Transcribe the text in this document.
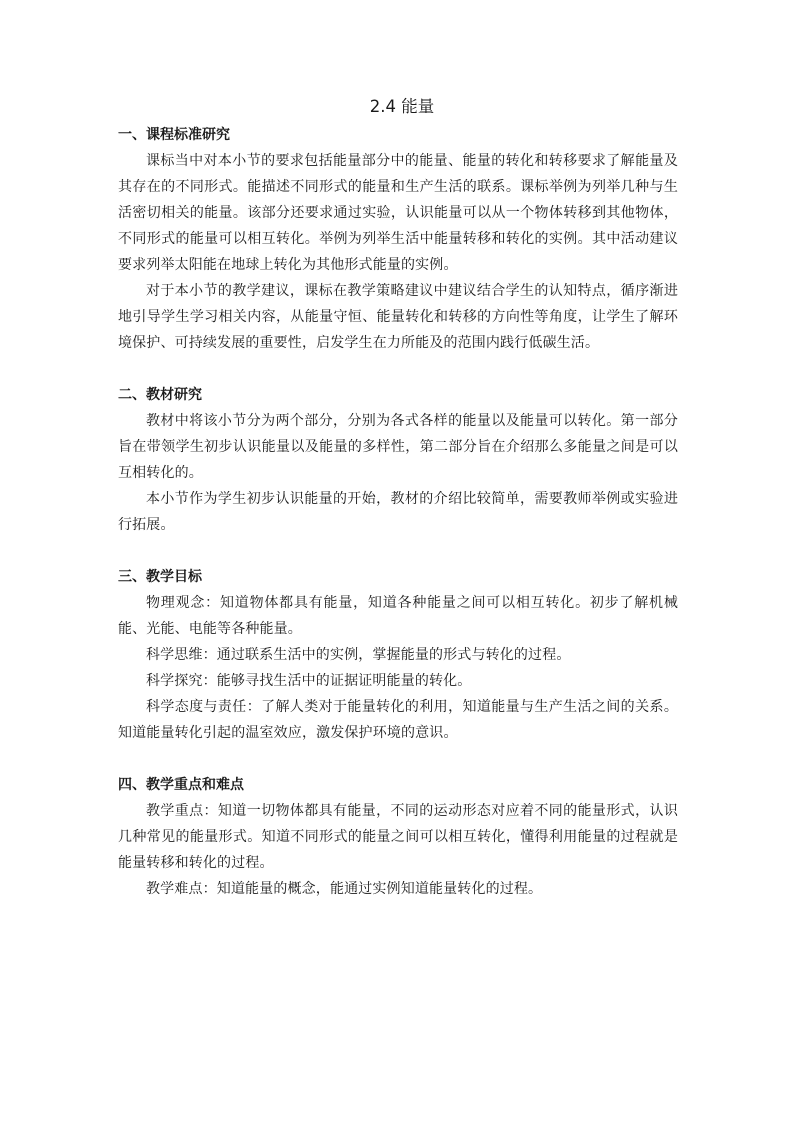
2.4 能量
一、课程标准研究

课标当中对本小节的要求包括能量部分中的能量、能量的转化和转移要求了解能量及其存在的不同形式。能描述不同形式的能量和生产生活的联系。课标举例为列举几种与生活密切相关的能量。该部分还要求通过实验，认识能量可以从一个物体转移到其他物体，不同形式的能量可以相互转化。举例为列举生活中能量转移和转化的实例。其中活动建议要求列举太阳能在地球上转化为其他形式能量的实例。

对于本小节的教学建议，课标在教学策略建议中建议结合学生的认知特点，循序渐进地引导学生学习相关内容，从能量守恒、能量转化和转移的方向性等角度，让学生了解环境保护、可持续发展的重要性，启发学生在力所能及的范围内践行低碳生活。

二、教材研究

教材中将该小节分为两个部分，分别为各式各样的能量以及能量可以转化。第一部分旨在带领学生初步认识能量以及能量的多样性，第二部分旨在介绍那么多能量之间是可以互相转化的。

本小节作为学生初步认识能量的开始，教材的介绍比较简单，需要教师举例或实验进行拓展。

三、教学目标

物理观念：知道物体都具有能量，知道各种能量之间可以相互转化。初步了解机械能、光能、电能等各种能量。

科学思维：通过联系生活中的实例，掌握能量的形式与转化的过程。

科学探究：能够寻找生活中的证据证明能量的转化。

科学态度与责任：了解人类对于能量转化的利用，知道能量与生产生活之间的关系。知道能量转化引起的温室效应，激发保护环境的意识。

四、教学重点和难点

教学重点：知道一切物体都具有能量，不同的运动形态对应着不同的能量形式，认识几种常见的能量形式。知道不同形式的能量之间可以相互转化，懂得利用能量的过程就是能量转移和转化的过程。

教学难点：知道能量的概念，能通过实例知道能量转化的过程。
